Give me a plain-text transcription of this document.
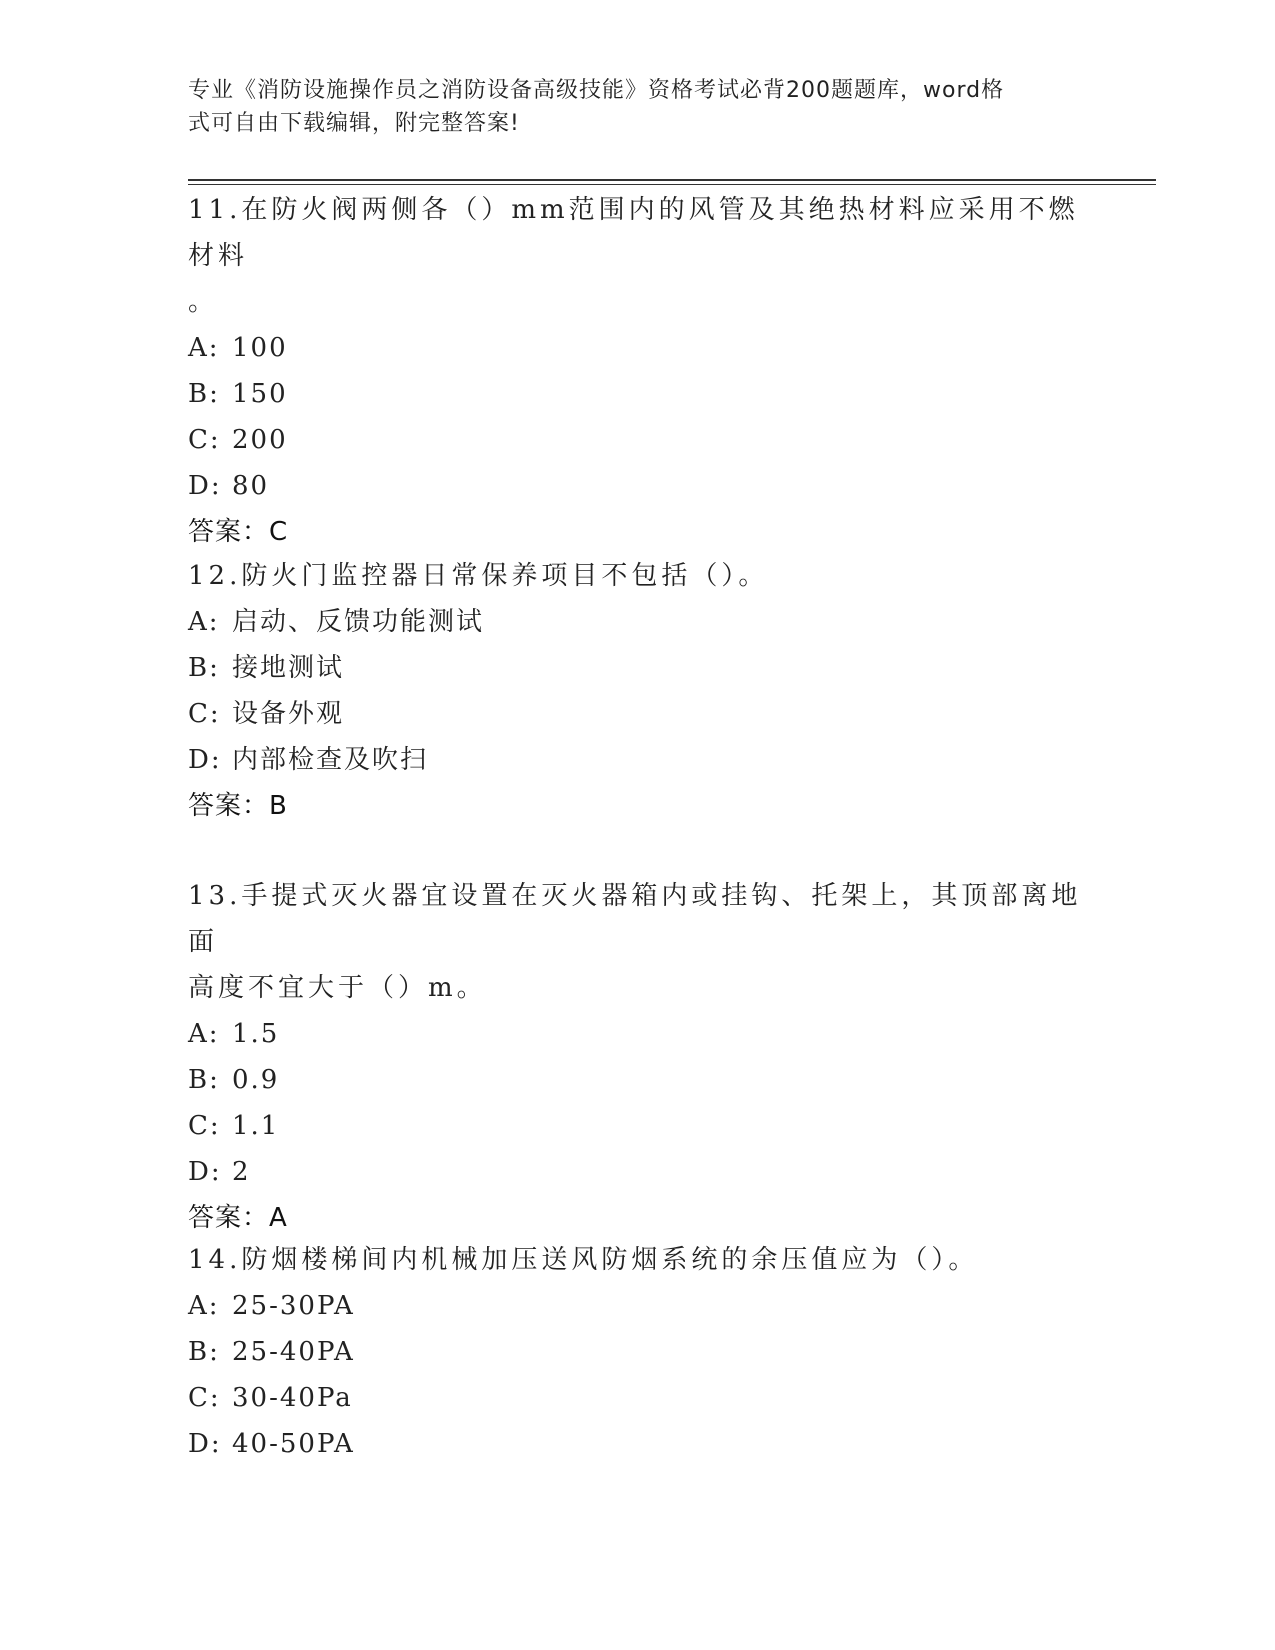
专业《消防设施操作员之消防设备高级技能》资格考试必背200题题库，word格
式可自由下载编辑，附完整答案!

11.在防火阀两侧各（）mm范围内的风管及其绝热材料应采用不燃材料

。

A: 100

B: 150

C: 200

D: 80

答案：C

12.防火门监控器日常保养项目不包括（）。

A: 启动、反馈功能测试

B: 接地测试

C: 设备外观

D: 内部检查及吹扫

答案：B

13.手提式灭火器宜设置在灭火器箱内或挂钩、托架上，其顶部离地面

高度不宜大于（）m。

A: 1.5

B: 0.9

C: 1.1

D: 2

答案：A

14.防烟楼梯间内机械加压送风防烟系统的余压值应为（）。

A: 25-30PA

B: 25-40PA

C: 30-40Pa

D: 40-50PA
